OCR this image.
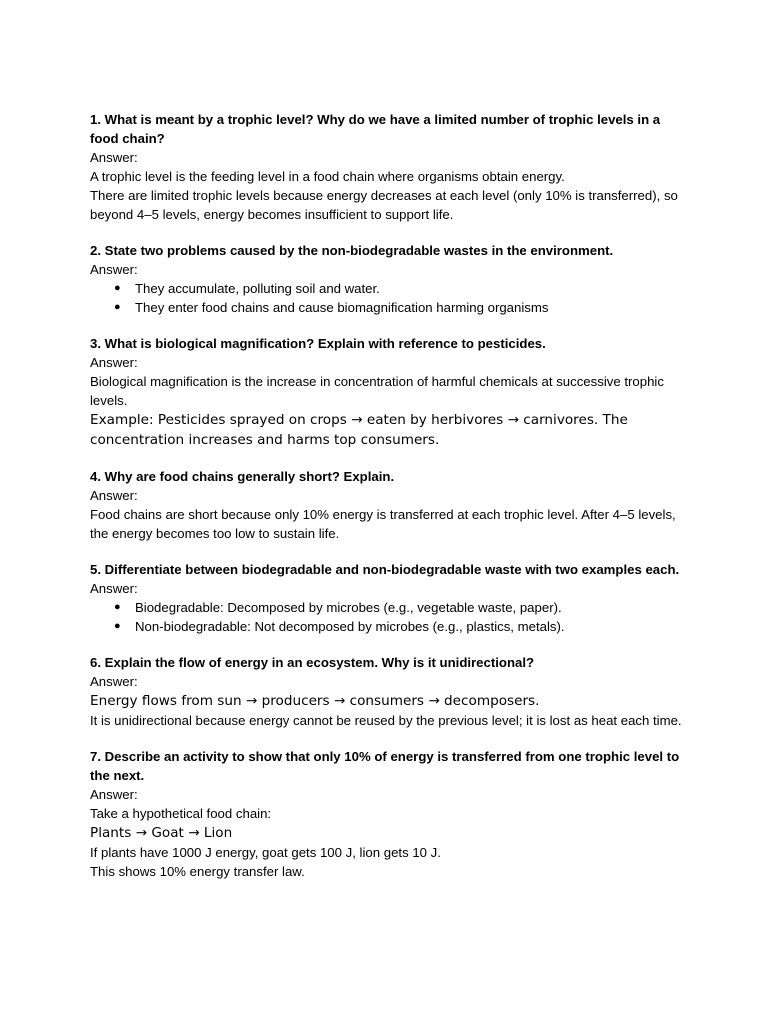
1. What is meant by a trophic level? Why do we have a limited number of trophic levels in a food chain?

Answer:

A trophic level is the feeding level in a food chain where organisms obtain energy.

There are limited trophic levels because energy decreases at each level (only 10% is transferred), so beyond 4–5 levels, energy becomes insufficient to support life.

2. State two problems caused by the non-biodegradable wastes in the environment.

Answer:

● They accumulate, polluting soil and water.
● They enter food chains and cause biomagnification harming organisms

3. What is biological magnification? Explain with reference to pesticides.

Answer:

Biological magnification is the increase in concentration of harmful chemicals at successive trophic levels.

Example: Pesticides sprayed on crops → eaten by herbivores → carnivores. The concentration increases and harms top consumers.

4. Why are food chains generally short? Explain.

Answer:

Food chains are short because only 10% energy is transferred at each trophic level. After 4–5 levels, the energy becomes too low to sustain life.

5. Differentiate between biodegradable and non-biodegradable waste with two examples each.

Answer:

● Biodegradable: Decomposed by microbes (e.g., vegetable waste, paper).
● Non-biodegradable: Not decomposed by microbes (e.g., plastics, metals).

6. Explain the flow of energy in an ecosystem. Why is it unidirectional?

Answer:

Energy flows from sun → producers → consumers → decomposers.

It is unidirectional because energy cannot be reused by the previous level; it is lost as heat each time.

7. Describe an activity to show that only 10% of energy is transferred from one trophic level to the next.

Answer:

Take a hypothetical food chain:

Plants → Goat → Lion

If plants have 1000 J energy, goat gets 100 J, lion gets 10 J.

This shows 10% energy transfer law.
